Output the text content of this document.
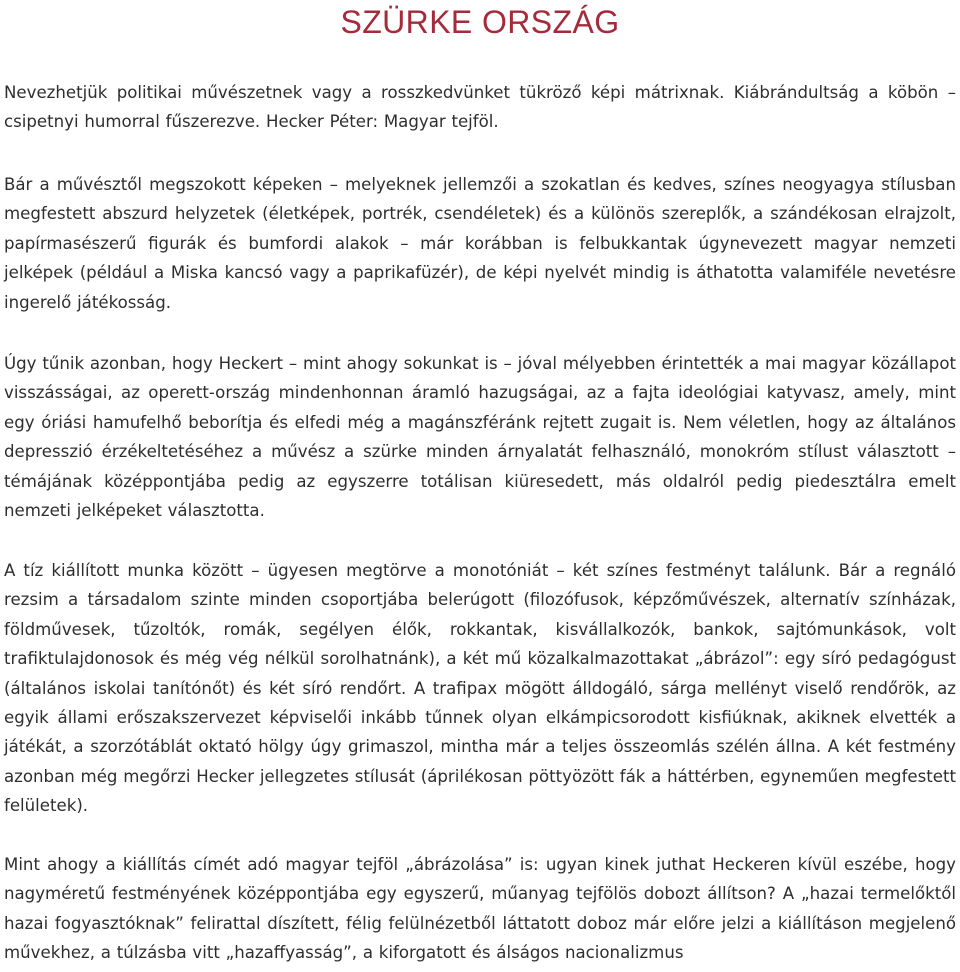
SZÜRKE ORSZÁG

Nevezhetjük politikai művészetnek vagy a rosszkedvünket tükröző képi mátrixnak. Kiábrándultság a köbön – csipetnyi humorral fűszerezve. Hecker Péter: Magyar tejföl.

Bár a művésztől megszokott képeken – melyeknek jellemzői a szokatlan és kedves, színes neogyagya stílusban megfestett abszurd helyzetek (életképek, portrék, csendéletek) és a különös szereplők, a szándékosan elrajzolt, papírmasészerű figurák és bumfordi alakok – már korábban is felbukkantak úgynevezett magyar nemzeti jelképek (például a Miska kancsó vagy a paprikafüzér), de képi nyelvét mindig is áthatotta valamiféle nevetésre ingerelő játékosság.

Úgy tűnik azonban, hogy Heckert – mint ahogy sokunkat is – jóval mélyebben érintették a mai magyar közállapot visszásságai, az operett-ország mindenhonnan áramló hazugságai, az a fajta ideológiai katyvasz, amely, mint egy óriási hamufelhő beborítja és elfedi még a magánszféránk rejtett zugait is. Nem véletlen, hogy az általános depresszió érzékeltetéséhez a művész a szürke minden árnyalatát felhasználó, monokróm stílust választott – témájának középpontjába pedig az egyszerre totálisan kiüresedett, más oldalról pedig piedesztálra emelt nemzeti jelképeket választotta.

A tíz kiállított munka között – ügyesen megtörve a monotóniát – két színes festményt találunk. Bár a regnáló rezsim a társadalom szinte minden csoportjába belerúgott (filozófusok, képzőművészek, alternatív színházak, földművesek, tűzoltók, romák, segélyen élők, rokkantak, kisvállalkozók, bankok, sajtómunkások, volt trafiktulajdonosok és még vég nélkül sorolhatnánk), a két mű közalkalmazottakat „ábrázol”: egy síró pedagógust (általános iskolai tanítónőt) és két síró rendőrt. A trafipax mögött álldogáló, sárga mellényt viselő rendőrök, az egyik állami erőszakszervezet képviselői inkább tűnnek olyan elkámpicsorodott kisfiúknak, akiknek elvették a játékát, a szorzótáblát oktató hölgy úgy grimaszol, mintha már a teljes összeomlás szélén állna. A két festmény azonban még megőrzi Hecker jellegzetes stílusát (áprilékosan pöttyözött fák a háttérben, egyneműen megfestett felületek).

Mint ahogy a kiállítás címét adó magyar tejföl „ábrázolása” is: ugyan kinek juthat Heckeren kívül eszébe, hogy nagyméretű festményének középpontjába egy egyszerű, műanyag tejfölös dobozt állítson? A „hazai termelőktől hazai fogyasztóknak” felirattal díszített, félig felülnézetből láttatott doboz már előre jelzi a kiállításon megjelenő művekhez, a túlzásba vitt „hazaffyasság”, a kiforgatott és álságos nacionalizmus
